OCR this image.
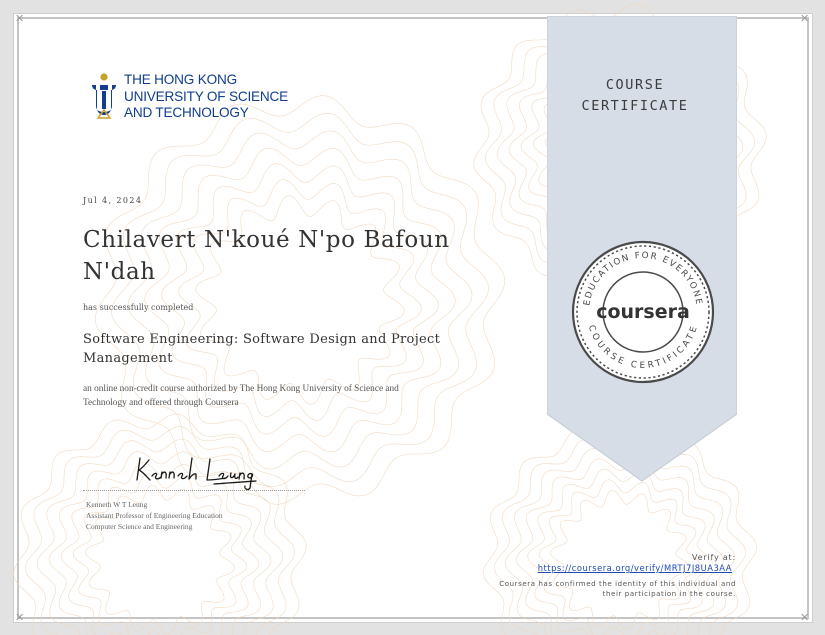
✕	✕
✕	✕
THE HONG KONG
UNIVERSITY OF SCIENCE
AND TECHNOLOGY
Jul 4, 2024
Chilavert N'koué N'po Bafoun
N'dah
has successfully completed
Software Engineering: Software Design and Project
Management
an online non-credit course authorized by The Hong Kong University of Science and
Technology and offered through Coursera
Kenneth W T Leung
Assistant Professor of Engineering Education
Computer Science and Engineering
COURSE
CERTIFICATE
EDUCATION FOR EVERYONE
COURSE CERTIFICATE
coursera
Verify at:
https://coursera.org/verify/MRTJ7J8UA3AA
Coursera has confirmed the identity of this individual and
their participation in the course.
